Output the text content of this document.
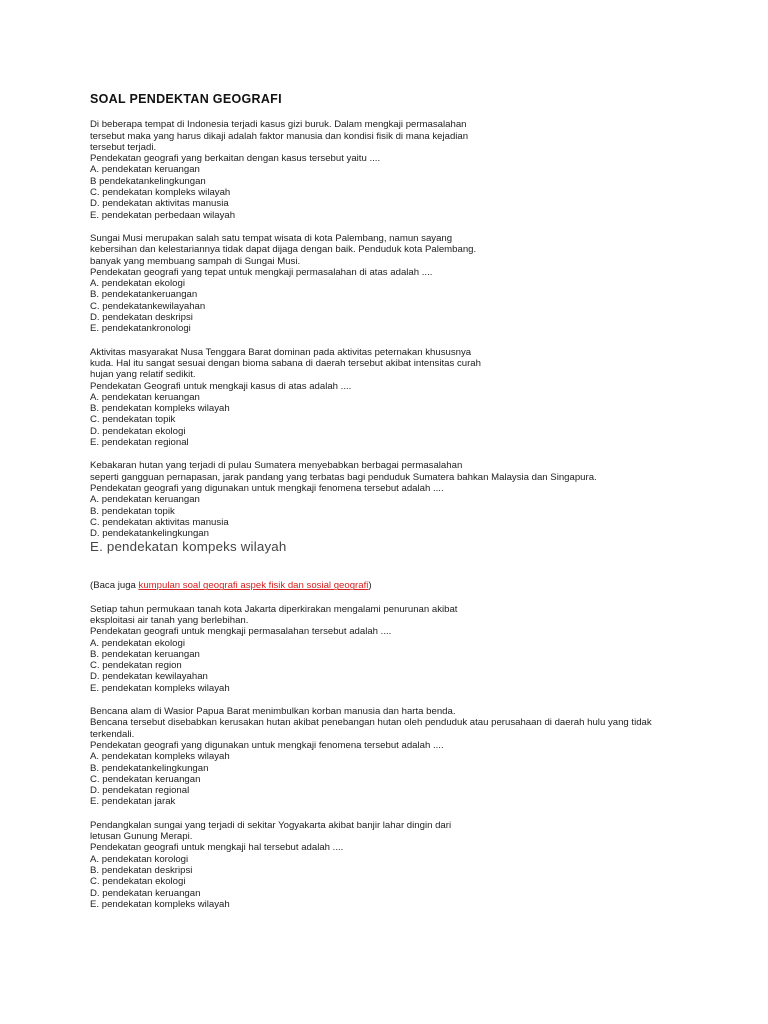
SOAL PENDEKTAN GEOGRAFI
Di beberapa tempat di Indonesia terjadi kasus gizi buruk. Dalam mengkaji permasalahan
tersebut maka yang harus dikaji adalah faktor manusia dan kondisi fisik di mana kejadian
tersebut terjadi.
Pendekatan geografi yang berkaitan dengan kasus tersebut yaitu ....
A. pendekatan keruangan
B pendekatankelingkungan
C. pendekatan kompleks wilayah
D. pendekatan aktivitas manusia
E. pendekatan perbedaan wilayah
Sungai Musi merupakan salah satu tempat wisata di kota Palembang, namun sayang
kebersihan dan kelestariannya tidak dapat dijaga dengan baik. Penduduk kota Palembang.
banyak yang membuang sampah di Sungai Musi.
Pendekatan geografi yang tepat untuk mengkaji permasalahan di atas adalah ....
A. pendekatan ekologi
B. pendekatankeruangan
C. pendekatankewilayahan
D. pendekatan deskripsi
E. pendekatankronologi
Aktivitas masyarakat Nusa Tenggara Barat dominan pada aktivitas peternakan khususnya
kuda. Hal itu sangat sesuai dengan bioma sabana di daerah tersebut akibat intensitas curah
hujan yang relatif sedikit.
Pendekatan Geografi untuk mengkaji kasus di atas adalah ....
A. pendekatan keruangan
B. pendekatan kompleks wilayah
C. pendekatan topik
D. pendekatan ekologi
E. pendekatan regional
Kebakaran hutan yang terjadi di pulau Sumatera menyebabkan berbagai permasalahan
seperti gangguan pernapasan, jarak pandang yang terbatas bagi penduduk Sumatera bahkan Malaysia dan Singapura.
Pendekatan geografi yang digunakan untuk mengkaji fenomena tersebut adalah ....
A. pendekatan keruangan
B. pendekatan topik
C. pendekatan aktivitas manusia
D. pendekatankelingkungan
E. pendekatan kompeks wilayah
(Baca juga kumpulan soal geografi aspek fisik dan sosial geografi)
Setiap tahun permukaan tanah kota Jakarta diperkirakan mengalami penurunan akibat
eksploitasi air tanah yang berlebihan.
Pendekatan geografi untuk mengkaji permasalahan tersebut adalah ....
A. pendekatan ekologi
B. pendekatan keruangan
C. pendekatan region
D. pendekatan kewilayahan
E. pendekatan kompleks wilayah
Bencana alam di Wasior Papua Barat menimbulkan korban manusia dan harta benda.
Bencana tersebut disebabkan kerusakan hutan akibat penebangan hutan oleh penduduk atau perusahaan di daerah hulu yang tidak
terkendali.
Pendekatan geografi yang digunakan untuk mengkaji fenomena tersebut adalah ....
A. pendekatan kompleks wilayah
B. pendekatankelingkungan
C. pendekatan keruangan
D. pendekatan regional
E. pendekatan jarak
Pendangkalan sungai yang terjadi di sekitar Yogyakarta akibat banjir lahar dingin dari
letusan Gunung Merapi.
Pendekatan geografi untuk mengkaji hal tersebut adalah ....
A. pendekatan korologi
B. pendekatan deskripsi
C. pendekatan ekologi
D. pendekatan keruangan
E. pendekatan kompleks wilayah
